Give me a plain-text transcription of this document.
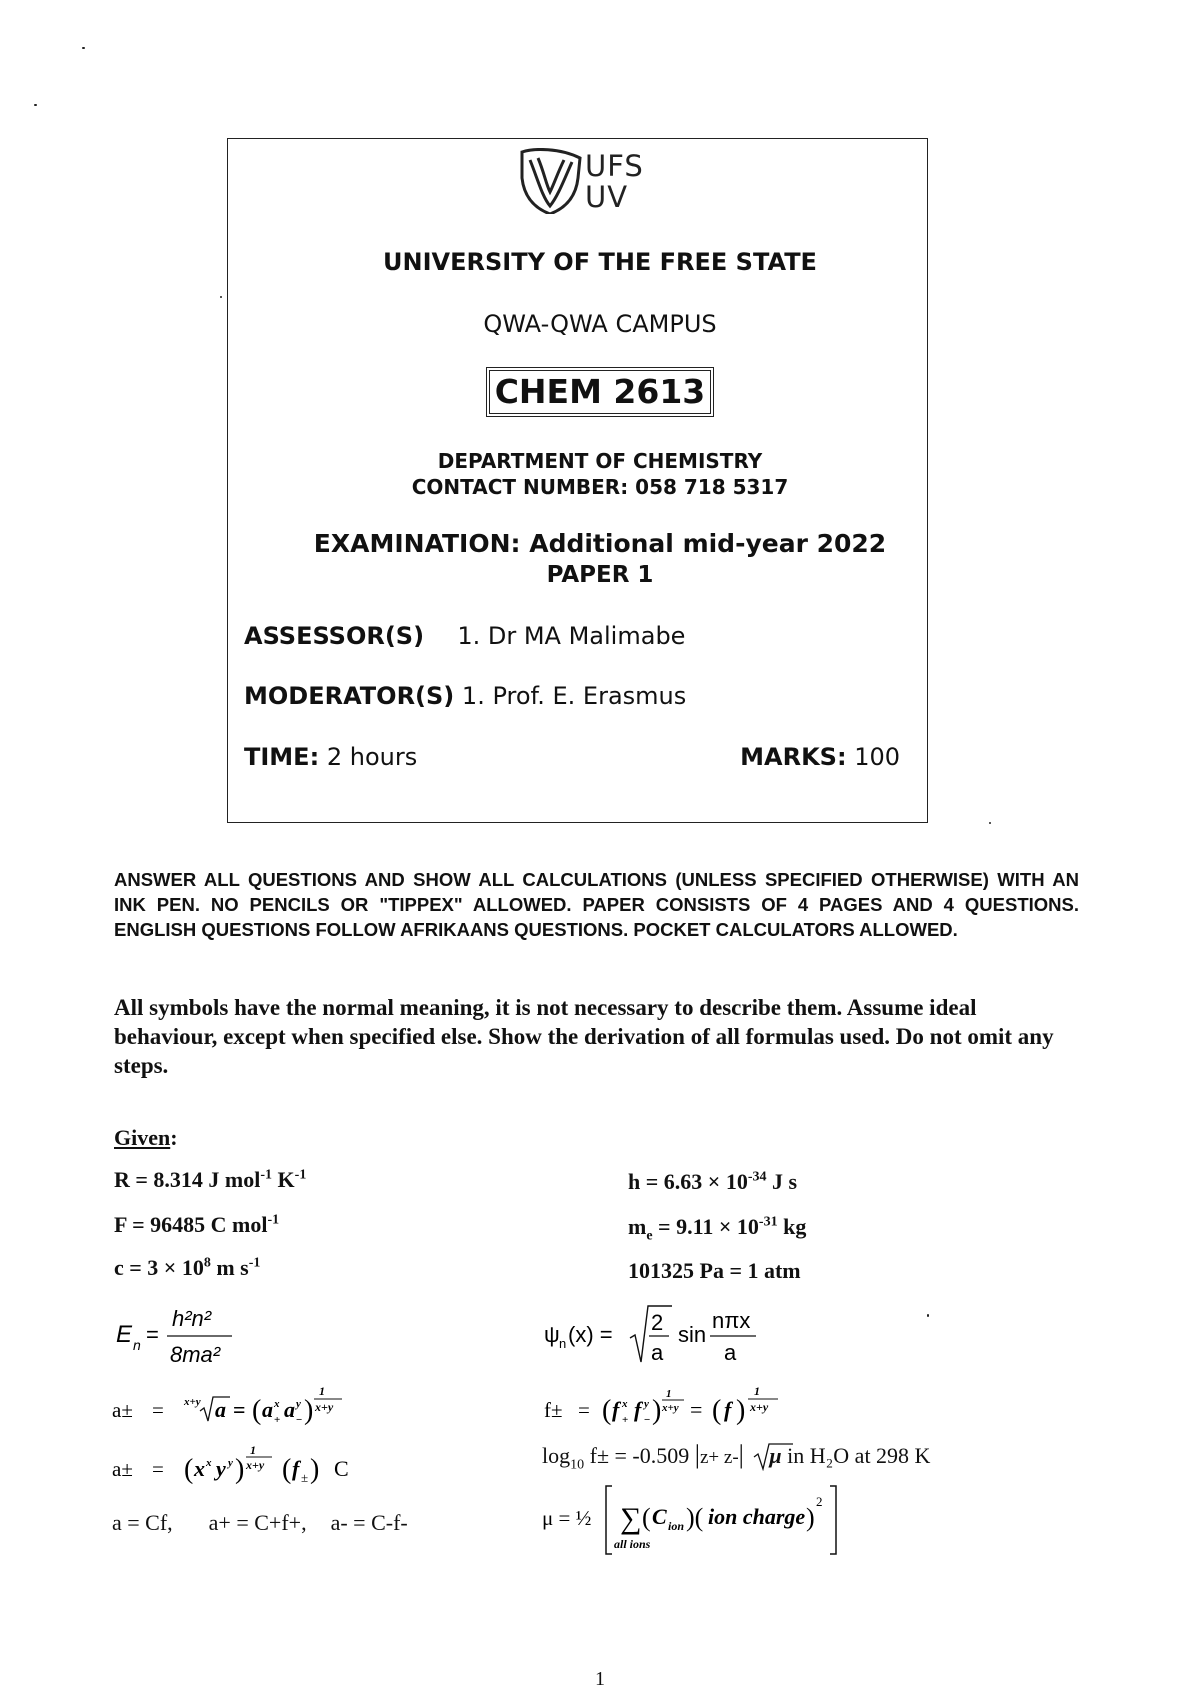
UFS
UV
UNIVERSITY OF THE FREE STATE
QWA-QWA CAMPUS
CHEM 2613
DEPARTMENT OF CHEMISTRY
CONTACT NUMBER: 058 718 5317
EXAMINATION: Additional mid-year 2022
PAPER 1
ASSESSOR(S) 1. Dr MA Malimabe
MODERATOR(S) 1. Prof. E. Erasmus
TIME: 2 hours	MARKS: 100
ANSWER ALL QUESTIONS AND SHOW ALL CALCULATIONS (UNLESS SPECIFIED OTHERWISE) WITH AN INK PEN. NO PENCILS OR "TIPPEX" ALLOWED. PAPER CONSISTS OF 4 PAGES AND 4 QUESTIONS. ENGLISH QUESTIONS FOLLOW AFRIKAANS QUESTIONS. POCKET CALCULATORS ALLOWED.
All symbols have the normal meaning, it is not necessary to describe them. Assume ideal behaviour, except when specified else. Show the derivation of all formulas used. Do not omit any steps.
Given:
R = 8.314 J mol$^{-1}$ $K^{-1}$
F = 96485 C mol$^{-1}$
$c = 3 \times 10^8$ m $s^{-1}$
$h = 6.63 \times 10^{-34}$ J s
$m_e = 9.11 \times 10^{-31}$ kg
101325 Pa = 1 atm
E n =
h²n²
8ma²
ψ n (x) = 2
a
sin
nπx
a
a± = x+y a = ( a x
+ a y
− )
1
x+y	f± = ( f x
+ f y
− )
1
x+y = ( f )
1
x+y
a± = ( x x y y )
1
x+y ( f ± ) C
$\log_{10} f\pm = -0.509$ |z+ z-| μ in H₂O at 298 K
a = Cf, a+ = C+f+, a- = C-f-	μ = ½ ∑
all ions
( C ion )( ion charge )
2
1
